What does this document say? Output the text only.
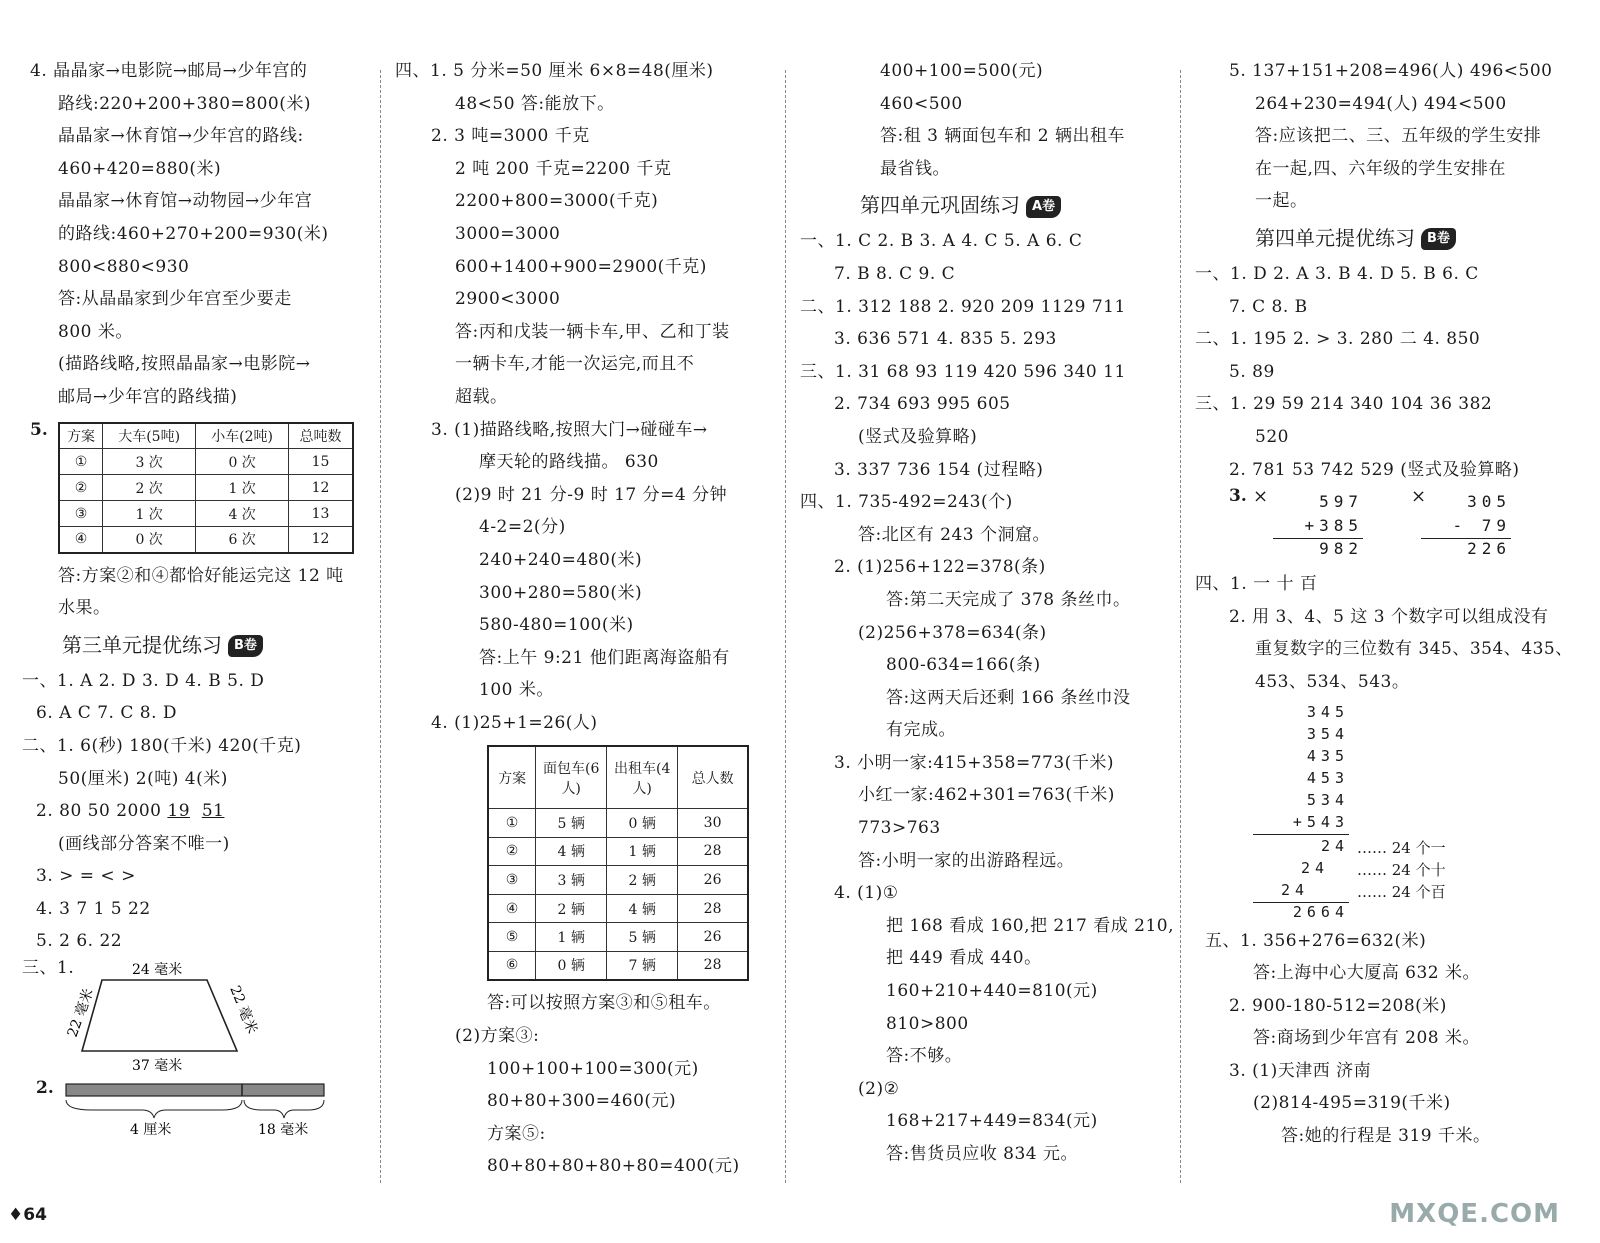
4. 晶晶家→电影院→邮局→少年宫的
路线:220+200+380=800(米)
晶晶家→休育馆→少年宫的路线:
460+420=880(米)
晶晶家→休育馆→动物园→少年宫
的路线:460+270+200=930(米)
800<880<930
答:从晶晶家到少年宫至少要走
800 米。
(描路线略,按照晶晶家→电影院→
邮局→少年宫的路线描)
5. 方案	大车(5吨)	小车(2吨)	总吨数
①	3 次	0 次	15
②	2 次	1 次	12
③	1 次	4 次	13
④	0 次	6 次	12
答:方案②和④都恰好能运完这 12 吨
水果。
第三单元提优练习 B卷
一、1. A 2. D 3. D 4. B 5. D
6. A C 7. C 8. D
二、1. 6(秒) 180(千米) 420(千克)
50(厘米) 2(吨) 4(米)
2. 80 50 2000 19 51
(画线部分答案不唯一)
3. > = < >
4. 3 7 1 5 22
5. 2 6. 22
三、1.	24 毫米
22 毫米	22 毫米
37 毫米
2.
4 厘米	18 毫米
四、1. 5 分米=50 厘米 6×8=48(厘米)
48<50 答:能放下。
2. 3 吨=3000 千克
2 吨 200 千克=2200 千克
2200+800=3000(千克)
3000=3000
600+1400+900=2900(千克)
2900<3000
答:丙和戊装一辆卡车,甲、乙和丁装
一辆卡车,才能一次运完,而且不
超载。
3. (1)描路线略,按照大门→碰碰车→
摩天轮的路线描。 630
(2)9 时 21 分-9 时 17 分=4 分钟
4-2=2(分)
240+240=480(米)
300+280=580(米)
580-480=100(米)
答:上午 9:21 他们距离海盗船有
100 米。
4. (1)25+1=26(人)
方案	面包车(6人)	出租车(4人)	总人数
①	5 辆	0 辆	30
②	4 辆	1 辆	28
③	3 辆	2 辆	26
④	2 辆	4 辆	28
⑤	1 辆	5 辆	26
⑥	0 辆	7 辆	28
答:可以按照方案③和⑤租车。
(2)方案③:
100+100+100=300(元)
80+80+300=460(元)
方案⑤:
80+80+80+80+80=400(元)
400+100=500(元)
460<500
答:租 3 辆面包车和 2 辆出租车
最省钱。
第四单元巩固练习 A卷
一、1. C 2. B 3. A 4. C 5. A 6. C
7. B 8. C 9. C
二、1. 312 188 2. 920 209 1129 711
3. 636 571 4. 835 5. 293
三、1. 31 68 93 119 420 596 340 11
2. 734 693 995 605
(竖式及验算略)
3. 337 736 154 (过程略)
四、1. 735-492=243(个)
答:北区有 243 个洞窟。
2. (1)256+122=378(条)
答:第二天完成了 378 条丝巾。
(2)256+378=634(条)
800-634=166(条)
答:这两天后还剩 166 条丝巾没
有完成。
3. 小明一家:415+358=773(千米)
小红一家:462+301=763(千米)
773>763
答:小明一家的出游路程远。
4. (1)①
把 168 看成 160,把 217 看成 210,
把 449 看成 440。
160+210+440=810(元)
810>800
答:不够。
(2)②
168+217+449=834(元)
答:售货员应收 834 元。
5. 137+151+208=496(人) 496<500
264+230=494(人) 494<500
答:应该把二、三、五年级的学生安排
在一起,四、六年级的学生安排在
一起。
第四单元提优练习 B卷
一、1. D 2. A 3. B 4. D 5. B 6. C
7. C 8. B
二、1. 195 2. > 3. 280 二 4. 850
5. 89
三、1. 29 59 214 340 104 36 382
520
2. 781 53 742 529 (竖式及验算略)
3. ×	597
+385
982
×	305
- 79
226
四、1. 一 十 百
2. 用 3、4、5 这 3 个数字可以组成没有
重复数字的三位数有 345、354、435、
453、534、543。
345
354
435
453
534
+543
24
24
24
2664
…… 24 个一
…… 24 个十
…… 24 个百
五、1. 356+276=632(米)
答:上海中心大厦高 632 米。
2. 900-180-512=208(米)
答:商场到少年宫有 208 米。
3. (1)天津西 济南
(2)814-495=319(千米)
答:她的行程是 319 千米。
♦64	MXQE.COM
